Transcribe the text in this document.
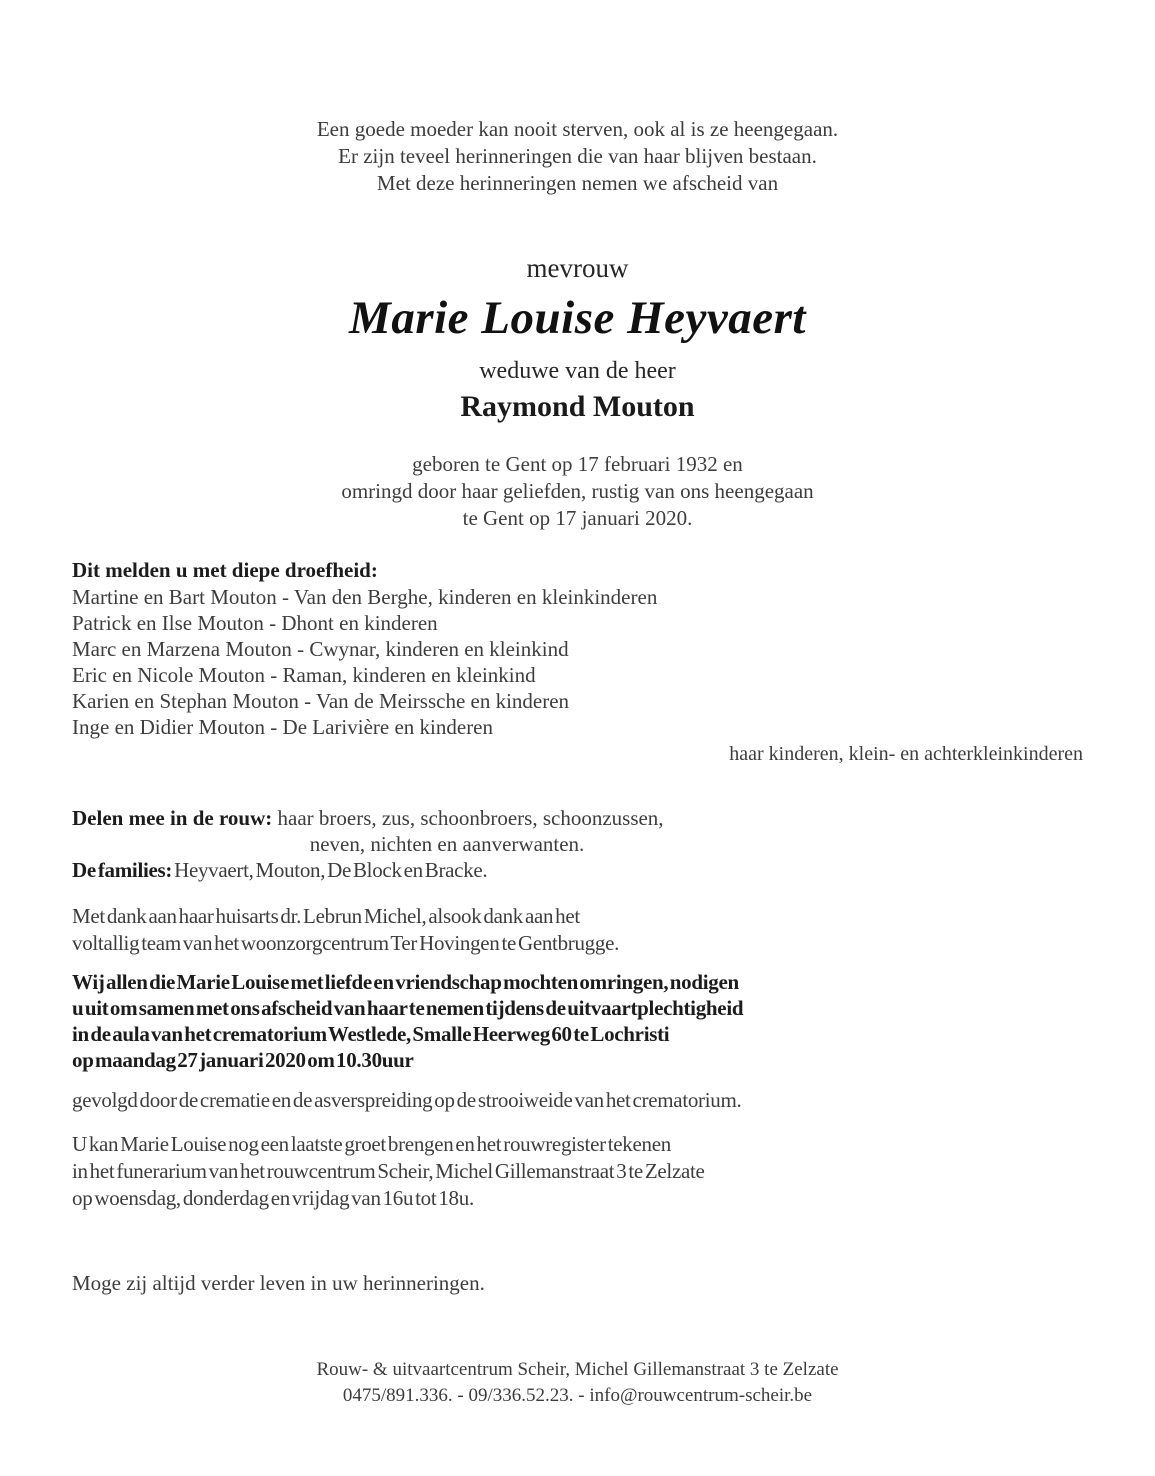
Een goede moeder kan nooit sterven, ook al is ze heengegaan.
Er zijn teveel herinneringen die van haar blijven bestaan.
Met deze herinneringen nemen we afscheid van
mevrouw
Marie Louise Heyvaert
weduwe van de heer
Raymond Mouton
geboren te Gent op 17 februari 1932 en
omringd door haar geliefden, rustig van ons heengegaan
te Gent op 17 januari 2020.
Dit melden u met diepe droefheid:
Martine en Bart Mouton - Van den Berghe, kinderen en kleinkinderen
Patrick en Ilse Mouton - Dhont en kinderen
Marc en Marzena Mouton - Cwynar, kinderen en kleinkind
Eric en Nicole Mouton - Raman, kinderen en kleinkind
Karien en Stephan Mouton - Van de Meirssche en kinderen
Inge en Didier Mouton - De Larivière en kinderen
haar kinderen, klein- en achterkleinkinderen
Delen mee in de rouw: haar broers, zus, schoonbroers, schoonzussen,
neven, nichten en aanverwanten.
De families: Heyvaert, Mouton, De Block en Bracke.
Met dank aan haar huisarts dr. Lebrun Michel, alsook dank aan het
voltallig team van het woonzorgcentrum Ter Hovingen te Gentbrugge.
Wij allen die Marie Louise met liefde en vriendschap mochten omringen, nodigen
u uit om samen met ons afscheid van haar te nemen tijdens de uitvaartplechtigheid
in de aula van het crematorium Westlede, Smalle Heerweg 60 te Lochristi
op maandag 27 januari 2020 om 10.30uur
gevolgd door de crematie en de asverspreiding op de strooiweide van het crematorium.
U kan Marie Louise nog een laatste groet brengen en het rouwregister tekenen
in het funerarium van het rouwcentrum Scheir, Michel Gillemanstraat 3 te Zelzate
op woensdag, donderdag en vrijdag van 16u tot 18u.
Moge zij altijd verder leven in uw herinneringen.
Rouw- & uitvaartcentrum Scheir, Michel Gillemanstraat 3 te Zelzate
0475/891.336. - 09/336.52.23. - info@rouwcentrum-scheir.be
